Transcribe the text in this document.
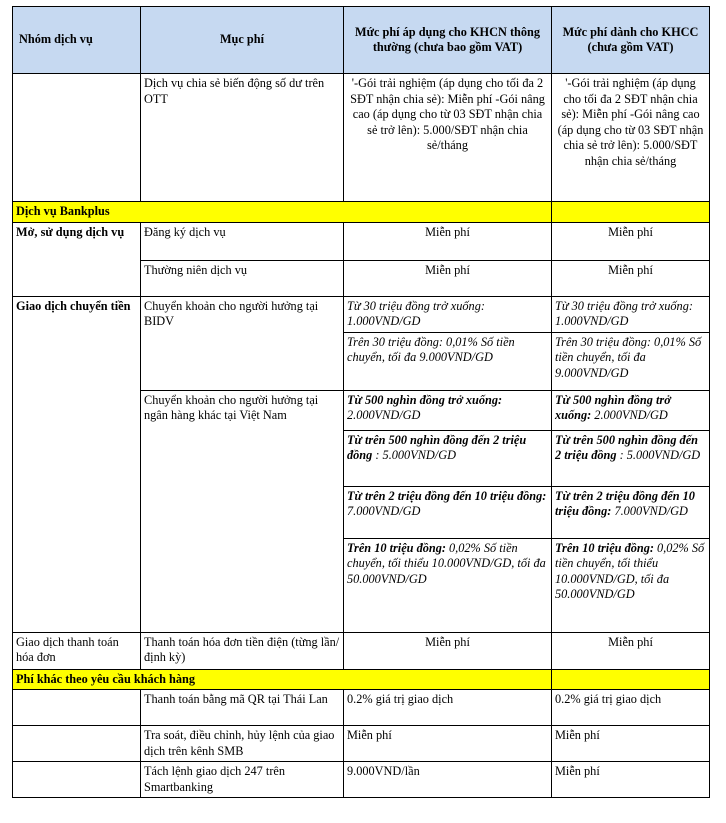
Nhóm dịch vụ	Mục phí	Mức phí áp dụng cho KHCN thông thường (chưa bao gồm VAT)	Mức phí dành cho KHCC (chưa gồm VAT)
	Dịch vụ chia sẻ biến động số dư trên OTT	'-Gói trải nghiệm (áp dụng cho tối đa 2 SĐT nhận chia sẻ): Miễn phí -Gói nâng cao (áp dụng cho từ 03 SĐT nhận chia sẻ trở lên): 5.000/SĐT nhận chia sẻ/tháng	'-Gói trải nghiệm (áp dụng cho tối đa 2 SĐT nhận chia sẻ): Miễn phí -Gói nâng cao (áp dụng cho từ 03 SĐT nhận chia sẻ trở lên): 5.000/SĐT nhận chia sẻ/tháng
Dịch vụ Bankplus			
Mở, sử dụng dịch vụ	Đăng ký dịch vụ	Miễn phí	Miễn phí
	Thường niên dịch vụ	Miễn phí	Miễn phí
Giao dịch chuyển tiền	Chuyển khoản cho người hưởng tại BIDV	Từ 30 triệu đồng trở xuống: 1.000VND/GD	Từ 30 triệu đồng trở xuống: 1.000VND/GD
		Trên 30 triệu đồng: 0,01% Số tiền chuyển, tối đa 9.000VND/GD	Trên 30 triệu đồng: 0,01% Số tiền chuyển, tối đa 9.000VND/GD
	Chuyển khoản cho người hưởng tại ngân hàng khác tại Việt Nam	Từ 500 nghìn đồng trở xuống: 2.000VND/GD	Từ 500 nghìn đồng trở xuống: 2.000VND/GD
		Từ trên 500 nghìn đồng đến 2 triệu đồng : 5.000VND/GD	Từ trên 500 nghìn đồng đến 2 triệu đồng : 5.000VND/GD
		Từ trên 2 triệu đồng đến 10 triệu đồng: 7.000VND/GD	Từ trên 2 triệu đồng đến 10 triệu đồng: 7.000VND/GD
		Trên 10 triệu đồng: 0,02% Số tiền chuyển, tối thiểu 10.000VND/GD, tối đa 50.000VND/GD	Trên 10 triệu đồng: 0,02% Số tiền chuyển, tối thiểu 10.000VND/GD, tối đa 50.000VND/GD
Giao dịch thanh toán hóa đơn	Thanh toán hóa đơn tiền điện (từng lần/định kỳ)	Miễn phí	Miễn phí
Phí khác theo yêu cầu khách hàng			
	Thanh toán bằng mã QR tại Thái Lan	0.2% giá trị giao dịch	0.2% giá trị giao dịch
	Tra soát, điều chỉnh, hủy lệnh của giao dịch trên kênh SMB	Miễn phí	Miễn phí
	Tách lệnh giao dịch 247 trên Smartbanking	9.000VND/lần	Miễn phí
